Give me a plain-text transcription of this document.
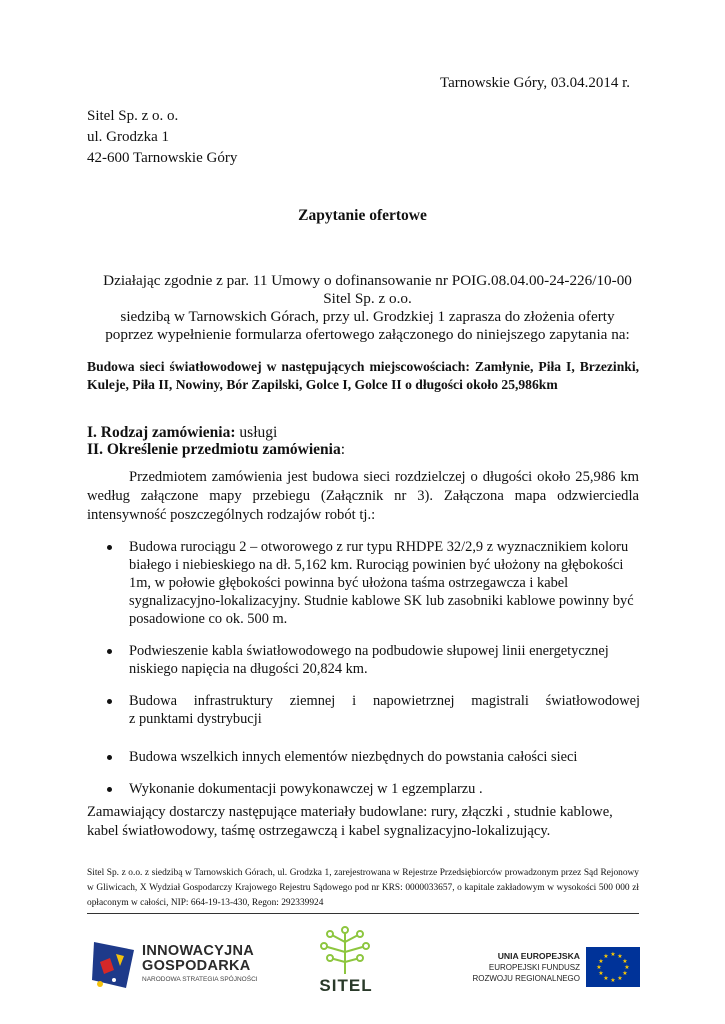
Tarnowskie Góry, 03.04.2014 r.
Sitel Sp. z o. o.
ul. Grodzka 1
42-600 Tarnowskie Góry
Zapytanie ofertowe
Działając zgodnie z par. 11 Umowy o dofinansowanie nr POIG.08.04.00-24-226/10-00
Sitel Sp. z o.o.
siedzibą w Tarnowskich Górach, przy ul. Grodzkiej 1 zaprasza do złożenia oferty
poprzez wypełnienie formularza ofertowego załączonego do niniejszego zapytania na:
Budowa sieci światłowodowej w następujących miejscowościach: Zamłynie, Piła I, Brzezinki, Kuleje, Piła II, Nowiny, Bór Zapilski, Golce I, Golce II o długości około 25,986km
I. Rodzaj zamówienia: usługi
II. Określenie przedmiotu zamówienia:
Przedmiotem zamówienia jest budowa sieci rozdzielczej o długości około 25,986 km według załączone mapy przebiegu (Załącznik nr 3). Załączona mapa odzwierciedla intensywność poszczególnych rodzajów robót tj.:
Budowa rurociągu 2 – otworowego z rur typu RHDPE 32/2,9 z wyznacznikiem koloru białego i niebieskiego na dł. 5,162 km. Rurociąg powinien być ułożony na głębokości 1m, w połowie głębokości powinna być ułożona taśma ostrzegawcza i kabel sygnalizacyjno-lokalizacyjny. Studnie kablowe SK lub zasobniki kablowe powinny być posadowione co ok. 500 m.
Podwieszenie kabla światłowodowego na podbudowie słupowej linii energetycznej niskiego napięcia na długości 20,824 km.
Budowa infrastruktury ziemnej i napowietrznej magistrali światłowodowej
z punktami dystrybucji
Budowa wszelkich innych elementów niezbędnych do powstania całości sieci
Wykonanie dokumentacji powykonawczej w 1 egzemplarzu .
Zamawiający dostarczy następujące materiały budowlane: rury, złączki , studnie kablowe, kabel światłowodowy, taśmę ostrzegawczą i kabel sygnalizacyjno-lokalizujący.
Sitel Sp. z o.o. z siedzibą w Tarnowskich Górach, ul. Grodzka 1, zarejestrowana w Rejestrze Przedsiębiorców prowadzonym przez Sąd Rejonowy w Gliwicach, X Wydział Gospodarczy Krajowego Rejestru Sądowego pod nr KRS: 0000033657, o kapitale zakładowym w wysokości 500 000 zł opłaconym w całości, NIP: 664-19-13-430, Regon: 292339924
INNOWACYJNA
GOSPODARKA
NARODOWA STRATEGIA SPÓJNOŚCI	SITEL
UNIA EUROPEJSKA
EUROPEJSKI FUNDUSZ
ROZWOJU REGIONALNEGO
★ ★
★
★
★
★
★
★
★
★
★
★
